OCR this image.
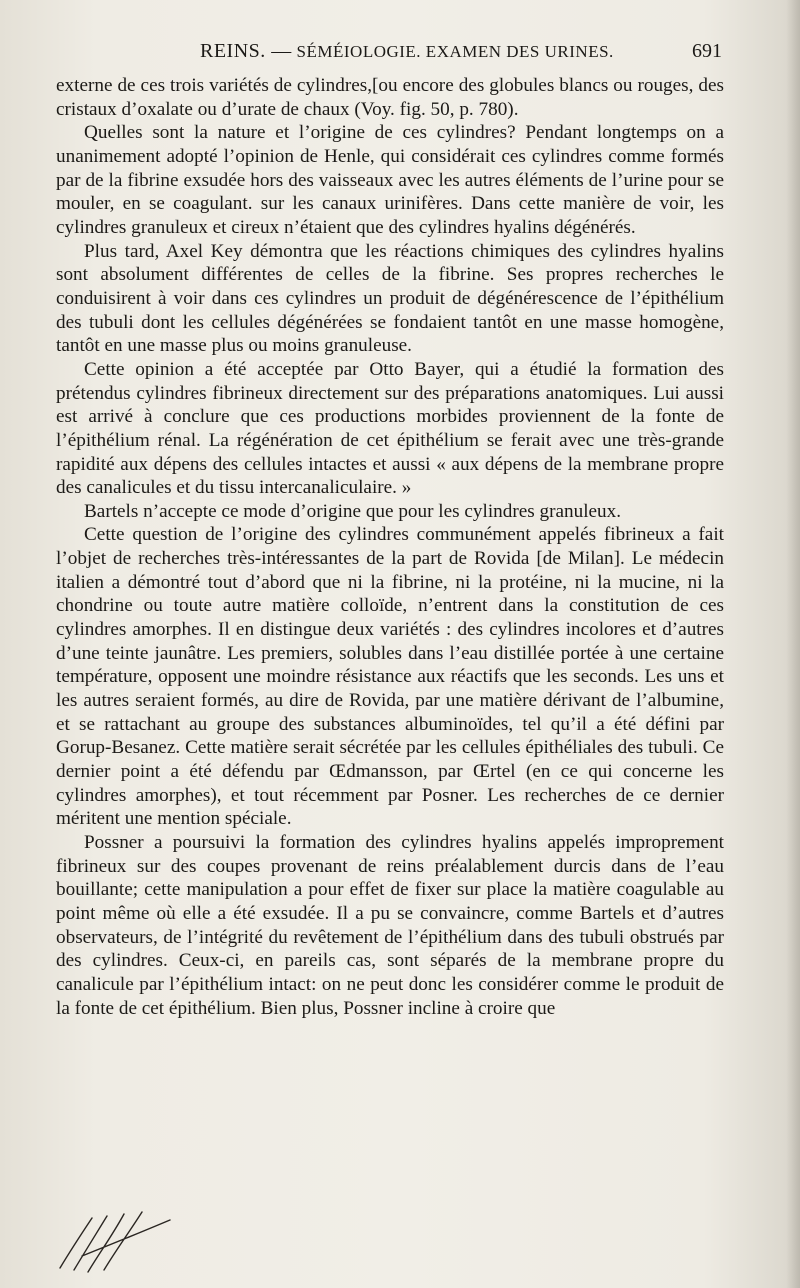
REINS. — SÉMÉIOLOGIE. EXAMEN DES URINES.	691

externe de ces trois variétés de cylindres,[ou encore des globules blancs ou rouges, des cristaux d’oxalate ou d’urate de chaux (Voy. fig. 50, p. 780).

Quelles sont la nature et l’origine de ces cylindres? Pendant longtemps on a unanimement adopté l’opinion de Henle, qui considérait ces cylindres comme formés par de la fibrine exsudée hors des vaisseaux avec les autres éléments de l’urine pour se mouler, en se coagulant. sur les canaux urinifères. Dans cette manière de voir, les cylindres granuleux et cireux n’étaient que des cylindres hyalins dégénérés.

Plus tard, Axel Key démontra que les réactions chimiques des cylindres hyalins sont absolument différentes de celles de la fibrine. Ses propres recherches le conduisirent à voir dans ces cylindres un produit de dégénérescence de l’épithélium des tubuli dont les cellules dégénérées se fondaient tantôt en une masse homogène, tantôt en une masse plus ou moins granuleuse.

Cette opinion a été acceptée par Otto Bayer, qui a étudié la formation des prétendus cylindres fibrineux directement sur des préparations anatomiques. Lui aussi est arrivé à conclure que ces productions morbides proviennent de la fonte de l’épithélium rénal. La régénération de cet épithélium se ferait avec une très-grande rapidité aux dépens des cellules intactes et aussi « aux dépens de la membrane propre des canalicules et du tissu intercanaliculaire. »

Bartels n’accepte ce mode d’origine que pour les cylindres granuleux.

Cette question de l’origine des cylindres communément appelés fibrineux a fait l’objet de recherches très-intéressantes de la part de Rovida [de Milan]. Le médecin italien a démontré tout d’abord que ni la fibrine, ni la protéine, ni la mucine, ni la chondrine ou toute autre matière colloïde, n’entrent dans la constitution de ces cylindres amorphes. Il en distingue deux variétés : des cylindres incolores et d’autres d’une teinte jaunâtre. Les premiers, solubles dans l’eau distillée portée à une certaine température, opposent une moindre résistance aux réactifs que les seconds. Les uns et les autres seraient formés, au dire de Rovida, par une matière dérivant de l’albumine, et se rattachant au groupe des substances albuminoïdes, tel qu’il a été défini par Gorup-Besanez. Cette matière serait sécrétée par les cellules épithéliales des tubuli. Ce dernier point a été défendu par Œdmansson, par Œrtel (en ce qui concerne les cylindres amorphes), et tout récemment par Posner. Les recherches de ce dernier méritent une mention spéciale.

Possner a poursuivi la formation des cylindres hyalins appelés improprement fibrineux sur des coupes provenant de reins préalablement durcis dans de l’eau bouillante; cette manipulation a pour effet de fixer sur place la matière coagulable au point même où elle a été exsudée. Il a pu se convaincre, comme Bartels et d’autres observateurs, de l’intégrité du revêtement de l’épithélium dans des tubuli obstrués par des cylindres. Ceux-ci, en pareils cas, sont séparés de la membrane propre du canalicule par l’épithélium intact: on ne peut donc les considérer comme le produit de la fonte de cet épithélium. Bien plus, Possner incline à croire que
